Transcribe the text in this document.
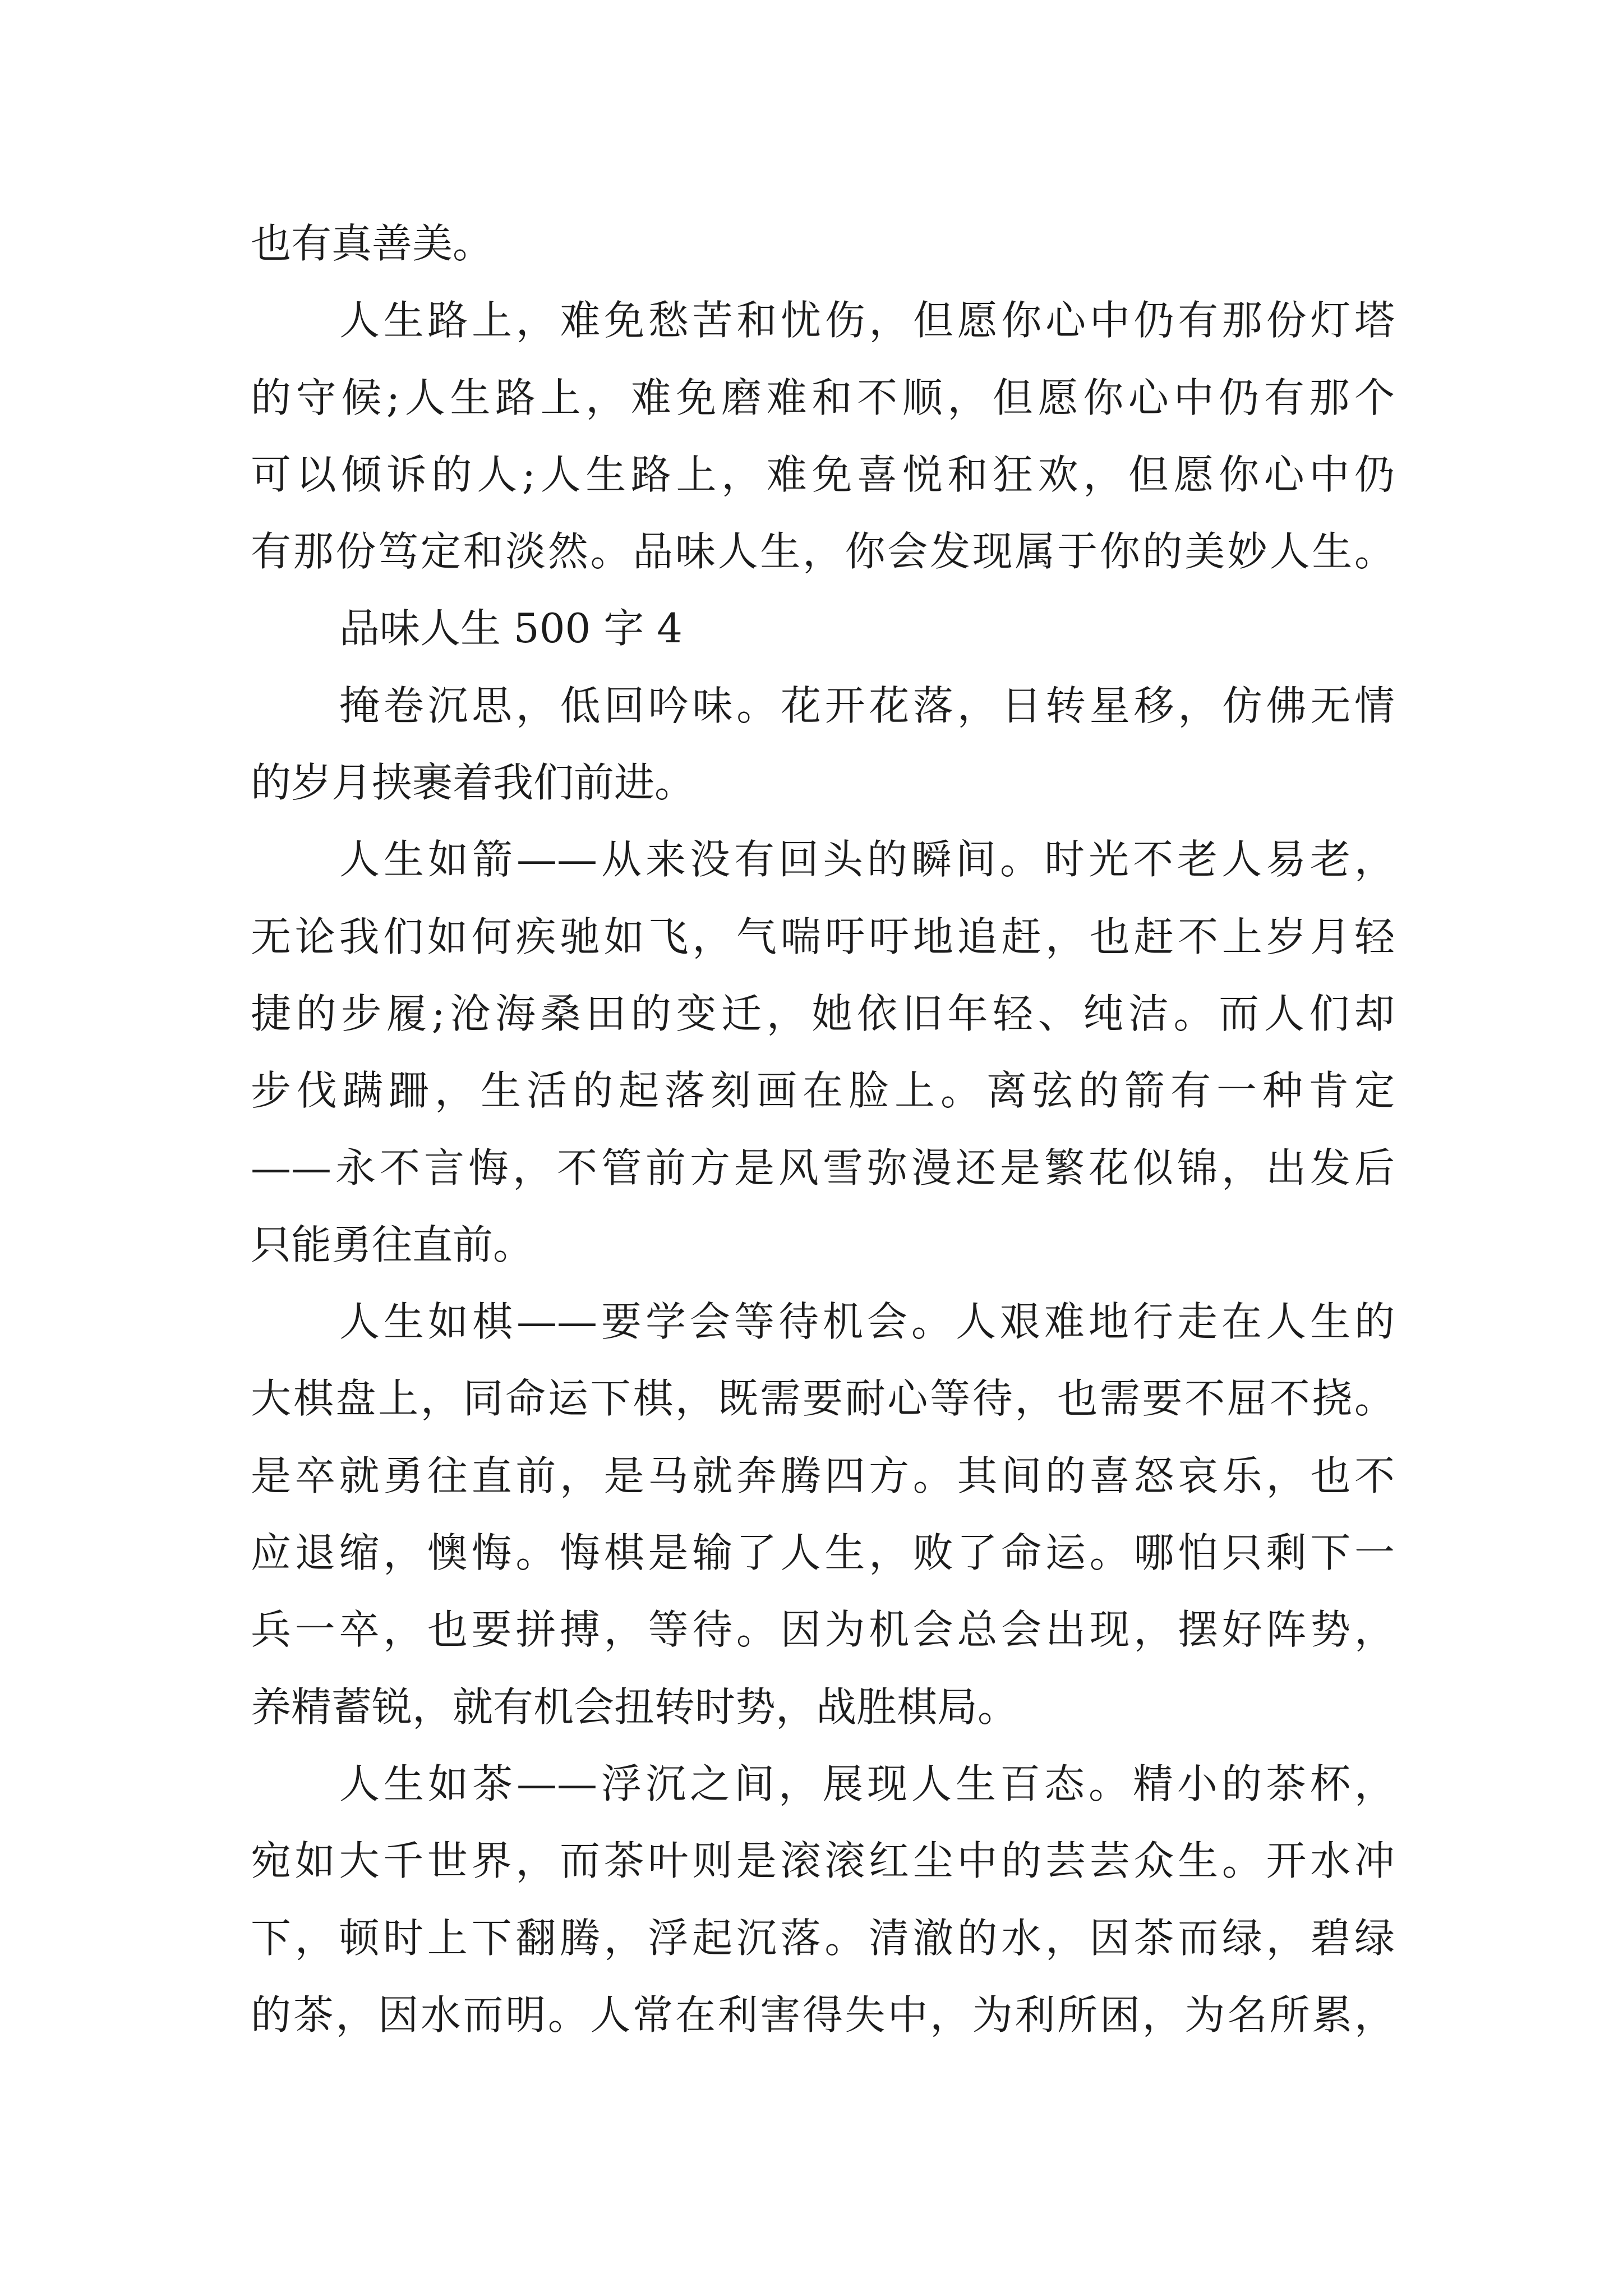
也有真善美。
人生路上，难免愁苦和忧伤，但愿你心中仍有那份灯塔
的守候;人生路上，难免磨难和不顺，但愿你心中仍有那个
可以倾诉的人;人生路上，难免喜悦和狂欢，但愿你心中仍
有那份笃定和淡然。品味人生，你会发现属于你的美妙人生。
品味人生 500 字 4
掩卷沉思，低回吟味。花开花落，日转星移，仿佛无情
的岁月挟裹着我们前进。
人生如箭——从来没有回头的瞬间。时光不老人易老，
无论我们如何疾驰如飞，气喘吁吁地追赶，也赶不上岁月轻
捷的步履;沧海桑田的变迁，她依旧年轻、纯洁。而人们却
步伐蹒跚，生活的起落刻画在脸上。离弦的箭有一种肯定
——永不言悔，不管前方是风雪弥漫还是繁花似锦，出发后
只能勇往直前。
人生如棋——要学会等待机会。人艰难地行走在人生的
大棋盘上，同命运下棋，既需要耐心等待，也需要不屈不挠。
是卒就勇往直前，是马就奔腾四方。其间的喜怒哀乐，也不
应退缩，懊悔。悔棋是输了人生，败了命运。哪怕只剩下一
兵一卒，也要拼搏，等待。因为机会总会出现，摆好阵势，
养精蓄锐，就有机会扭转时势，战胜棋局。
人生如茶——浮沉之间，展现人生百态。精小的茶杯，
宛如大千世界，而茶叶则是滚滚红尘中的芸芸众生。开水冲
下，顿时上下翻腾，浮起沉落。清澈的水，因茶而绿，碧绿
的茶，因水而明。人常在利害得失中，为利所困，为名所累，
